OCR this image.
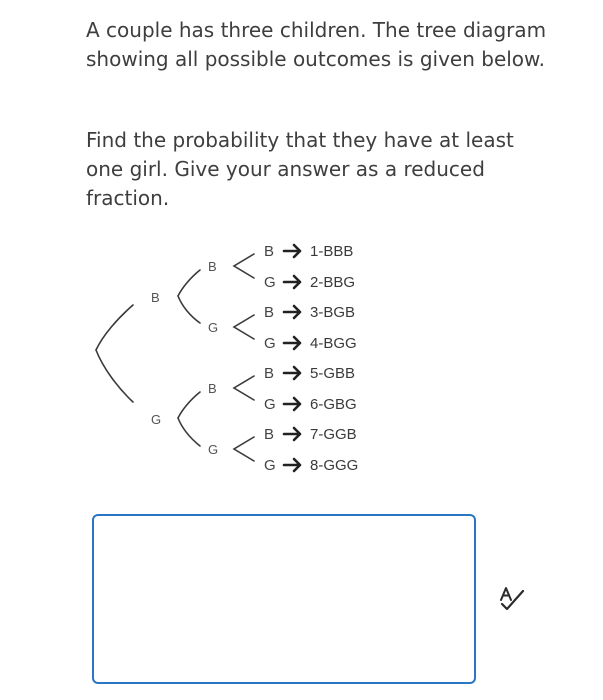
A couple has three children. The tree diagram showing all possible outcomes is given below.

Find the probability that they have at least one girl. Give your answer as a reduced fraction.

B
G
B
G
B
G
B 1-BBB
G 2-BBG
B 3-BGB
G 4-BGG
B 5-GBB
G 6-GBG
B 7-GGB
G 8-GGG
